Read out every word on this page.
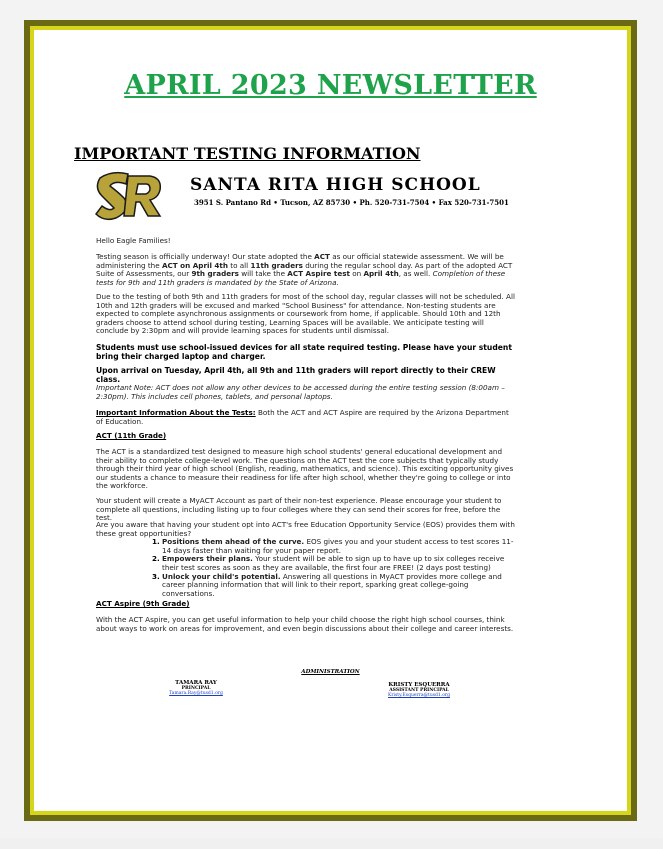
APRIL 2023 NEWSLETTER
IMPORTANT TESTING INFORMATION
SANTA RITA HIGH SCHOOL
3951 S. Pantano Rd • Tucson, AZ 85730 • Ph. 520-731-7504 • Fax 520-731-7501

Hello Eagle Families!

Testing season is officially underway! Our state adopted the ACT as our official statewide assessment. We will be administering the ACT on April 4th to all 11th graders during the regular school day. As part of the adopted ACT Suite of Assessments, our 9th graders will take the ACT Aspire test on April 4th, as well. Completion of these tests for 9th and 11th graders is mandated by the State of Arizona.

Due to the testing of both 9th and 11th graders for most of the school day, regular classes will not be scheduled. All 10th and 12th graders will be excused and marked "School Business" for attendance. Non-testing students are expected to complete asynchronous assignments or coursework from home, if applicable. Should 10th and 12th graders choose to attend school during testing, Learning Spaces will be available. We anticipate testing will conclude by 2:30pm and will provide learning spaces for students until dismissal.

Students must use school-issued devices for all state required testing. Please have your student bring their charged laptop and charger.

Upon arrival on Tuesday, April 4th, all 9th and 11th graders will report directly to their CREW class.

Important Note: ACT does not allow any other devices to be accessed during the entire testing session (8:00am – 2:30pm). This includes cell phones, tablets, and personal laptops.

Important Information About the Tests: Both the ACT and ACT Aspire are required by the Arizona Department of Education.

ACT (11th Grade)

The ACT is a standardized test designed to measure high school students' general educational development and their ability to complete college-level work. The questions on the ACT test the core subjects that typically study through their third year of high school (English, reading, mathematics, and science). This exciting opportunity gives our students a chance to measure their readiness for life after high school, whether they're going to college or into the workforce.

Your student will create a MyACT Account as part of their non-test experience. Please encourage your student to complete all questions, including listing up to four colleges where they can send their scores for free, before the test.

Are you aware that having your student opt into ACT's free Education Opportunity Service (EOS) provides them with these great opportunities?

1. Positions them ahead of the curve. EOS gives you and your student access to test scores 11-14 days faster than waiting for your paper report.
2. Empowers their plans. Your student will be able to sign up to have up to six colleges receive their test scores as soon as they are available, the first four are FREE! (2 days post testing)
3. Unlock your child's potential. Answering all questions in MyACT provides more college and career planning information that will link to their report, sparking great college-going conversations.

ACT Aspire (9th Grade)

With the ACT Aspire, you can get useful information to help your child choose the right high school courses, think about ways to work on areas for improvement, and even begin discussions about their college and career interests.

ADMINISTRATION
TAMARA RAY
PRINCIPAL
Tamara.Ray@tusd1.org
KRISTY ESQUERRA
ASSISTANT PRINCIPAL
Kristy.Esquerra@tusd1.org
